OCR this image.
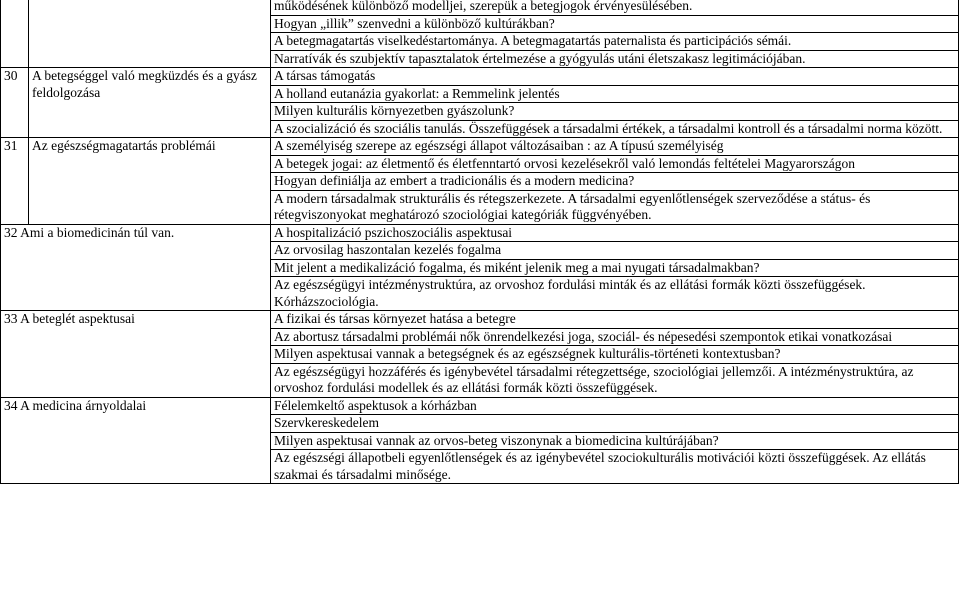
		működésének különböző modelljei, szerepük a betegjogok érvényesülésében.
		Hogyan „illik” szenvedni a különböző kultúrákban?
		A betegmagatartás viselkedéstartománya. A betegmagatartás paternalista és participációs sémái.
		Narratívák és szubjektív tapasztalatok értelmezése a gyógyulás utáni életszakasz legitimációjában.
30	A betegséggel való megküzdés és a gyász feldolgozása	A társas támogatás
		A holland eutanázia gyakorlat: a Remmelink jelentés
		Milyen kulturális környezetben gyászolunk?
		A szocializáció és szociális tanulás. Összefüggések a társadalmi értékek, a társadalmi kontroll és a társadalmi norma között.
31	Az egészségmagatartás problémái	A személyiség szerepe az egészségi állapot változásaiban : az A típusú személyiség
		A betegek jogai: az életmentő és életfenntartó orvosi kezelésekről való lemondás feltételei Magyarországon
		Hogyan definiálja az embert a tradicionális és a modern medicina?
		A modern társadalmak strukturális és rétegszerkezete. A társadalmi egyenlőtlenségek szerveződése a státus- és rétegviszonyokat meghatározó szociológiai kategóriák függvényében.
32 Ami a biomedicinán túl van.		A hospitalizáció pszichoszociális aspektusai
		Az orvosilag haszontalan kezelés fogalma
		Mit jelent a medikalizáció fogalma, és miként jelenik meg a mai nyugati társadalmakban?
		Az egészségügyi intézménystruktúra, az orvoshoz fordulási minták és az ellátási formák közti összefüggések. Kórházszociológia.
33 A beteglét aspektusai		A fizikai és társas környezet hatása a betegre
		Az abortusz társadalmi problémái nők önrendelkezési joga, szociál- és népesedési szempontok etikai vonatkozásai
		Milyen aspektusai vannak a betegségnek és az egészségnek kulturális-történeti kontextusban?
		Az egészségügyi hozzáférés és igénybevétel társadalmi rétegzettsége, szociológiai jellemzői. A intézménystruktúra, az orvoshoz fordulási modellek és az ellátási formák közti összefüggések.
34 A medicina árnyoldalai		Félelemkeltő aspektusok a kórházban
		Szervkereskedelem
		Milyen aspektusai vannak az orvos-beteg viszonynak a biomedicina kultúrájában?
		Az egészségi állapotbeli egyenlőtlenségek és az igénybevétel szociokulturális motivációi közti összefüggések. Az ellátás szakmai és társadalmi minősége.
